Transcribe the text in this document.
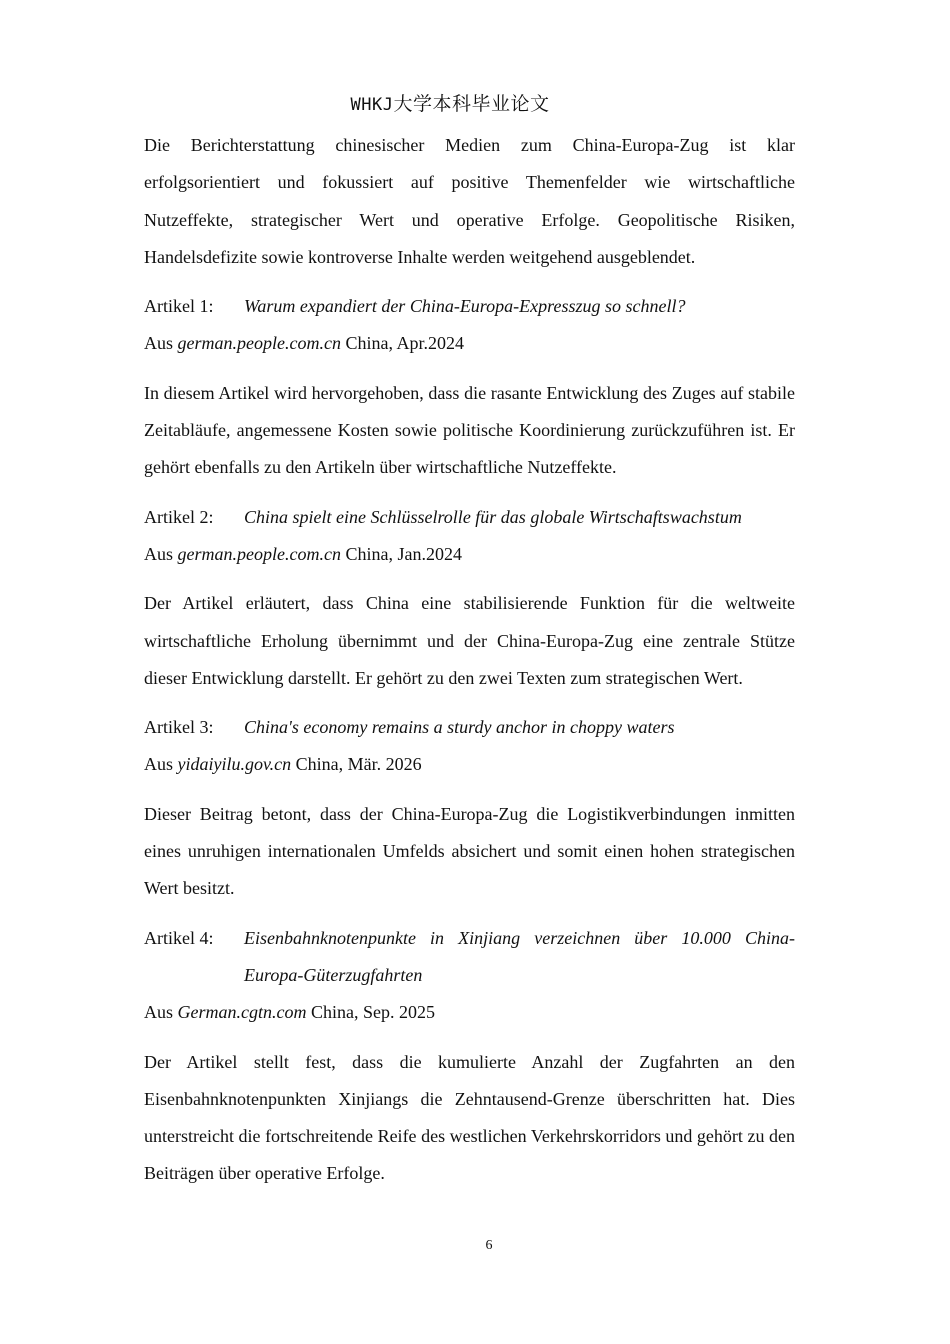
WHKJ大学本科毕业论文

Die Berichterstattung chinesischer Medien zum China-Europa-Zug ist klar erfolgsorientiert und fokussiert auf positive Themenfelder wie wirtschaftliche Nutzeffekte, strategischer Wert und operative Erfolge. Geopolitische Risiken, Handelsdefizite sowie kontroverse Inhalte werden weitgehend ausgeblendet.

Artikel 1:	Warum expandiert der China-Europa-Expresszug so schnell?

Aus german.people.com.cn China, Apr.2024

In diesem Artikel wird hervorgehoben, dass die rasante Entwicklung des Zuges auf stabile Zeitabläufe, angemessene Kosten sowie politische Koordinierung zurückzuführen ist. Er gehört ebenfalls zu den Artikeln über wirtschaftliche Nutzeffekte.

Artikel 2:	China spielt eine Schlüsselrolle für das globale Wirtschaftswachstum

Aus german.people.com.cn China, Jan.2024

Der Artikel erläutert, dass China eine stabilisierende Funktion für die weltweite wirtschaftliche Erholung übernimmt und der China-Europa-Zug eine zentrale Stütze dieser Entwicklung darstellt. Er gehört zu den zwei Texten zum strategischen Wert.

Artikel 3:	China's economy remains a sturdy anchor in choppy waters

Aus yidaiyilu.gov.cn China, Mär. 2026

Dieser Beitrag betont, dass der China-Europa-Zug die Logistikverbindungen inmitten eines unruhigen internationalen Umfelds absichert und somit einen hohen strategischen Wert besitzt.

Artikel 4:	Eisenbahnknotenpunkte in Xinjiang verzeichnen über 10.000 China-Europa-Güterzugfahrten

Aus German.cgtn.com China, Sep. 2025

Der Artikel stellt fest, dass die kumulierte Anzahl der Zugfahrten an den Eisenbahnknotenpunkten Xinjiangs die Zehntausend-Grenze überschritten hat. Dies unterstreicht die fortschreitende Reife des westlichen Verkehrskorridors und gehört zu den Beiträgen über operative Erfolge.

6
